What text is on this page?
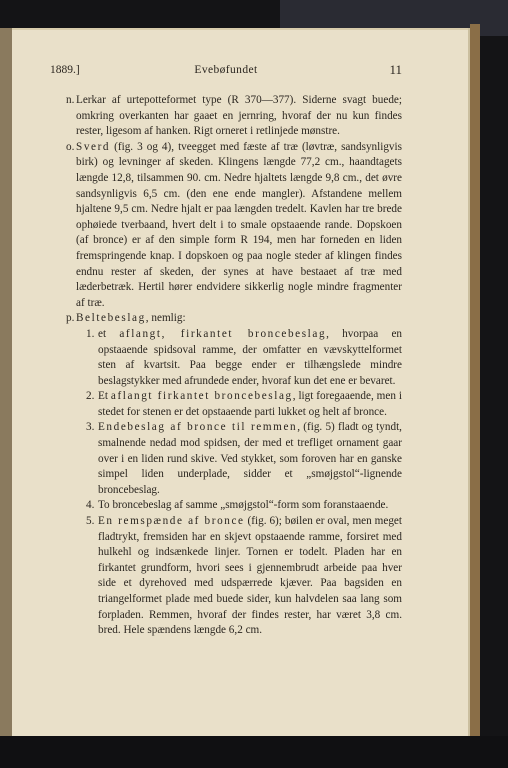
1889.]	Evebøfundet	11
n. Lerkar af urtepotteformet type (R 370—377). Siderne svagt buede; omkring overkanten har gaaet en jernring, hvoraf der nu kun findes rester, ligesom af hanken. Rigt orneret i retlinjede mønstre.
o. Sverd (fig. 3 og 4), tveegget med fæste af træ (løvtræ, sandsynligvis birk) og levninger af skeden. Klingens længde 77,2 cm., haandtagets længde 12,8, tilsammen 90. cm. Nedre hjaltets længde 9,8 cm., det øvre sandsynligvis 6,5 cm. (den ene ende mangler). Afstandene mellem hjaltene 9,5 cm. Nedre hjalt er paa længden tredelt. Kavlen har tre brede ophøiede tverbaand, hvert delt i to smale opstaaende rande. Dopskoen (af bronce) er af den simple form R 194, men har forneden en liden fremspringende knap. I dopskoen og paa nogle steder af klingen findes endnu rester af skeden, der synes at have bestaaet af træ med læderbetræk. Hertil hører endvidere sikkerlig nogle mindre fragmenter af træ.
p. Beltebeslag, nemlig:
1. et aflangt, firkantet broncebeslag, hvorpaa en opstaaende spidsoval ramme, der omfatter en vævskyttelformet sten af kvartsit. Paa begge ender er tilhængslede mindre beslagstykker med afrundede ender, hvoraf kun det ene er bevaret.
2. Et aflangt firkantet broncebeslag, ligt foregaaende, men i stedet for stenen er det opstaaende parti lukket og helt af bronce.
3. Endebeslag af bronce til remmen, (fig. 5) fladt og tyndt, smalnende nedad mod spidsen, der med et trefliget ornament gaar over i en liden rund skive. Ved stykket, som foroven har en ganske simpel liden underplade, sidder et „smøjgstol“-lignende broncebeslag.
4. To broncebeslag af samme „smøjgstol“-form som foranstaaende.
5. En remspænde af bronce (fig. 6); bøilen er oval, men meget fladtrykt, fremsiden har en skjevt opstaaende ramme, forsiret med hulkehl og indsænkede linjer. Tornen er todelt. Pladen har en firkantet grundform, hvori sees i gjennembrudt arbeide paa hver side et dyrehoved med udspærrede kjæver. Paa bagsiden en triangelformet plade med buede sider, kun halvdelen saa lang som forpladen. Remmen, hvoraf der findes rester, har været 3,8 cm. bred. Hele spændens længde 6,2 cm.
